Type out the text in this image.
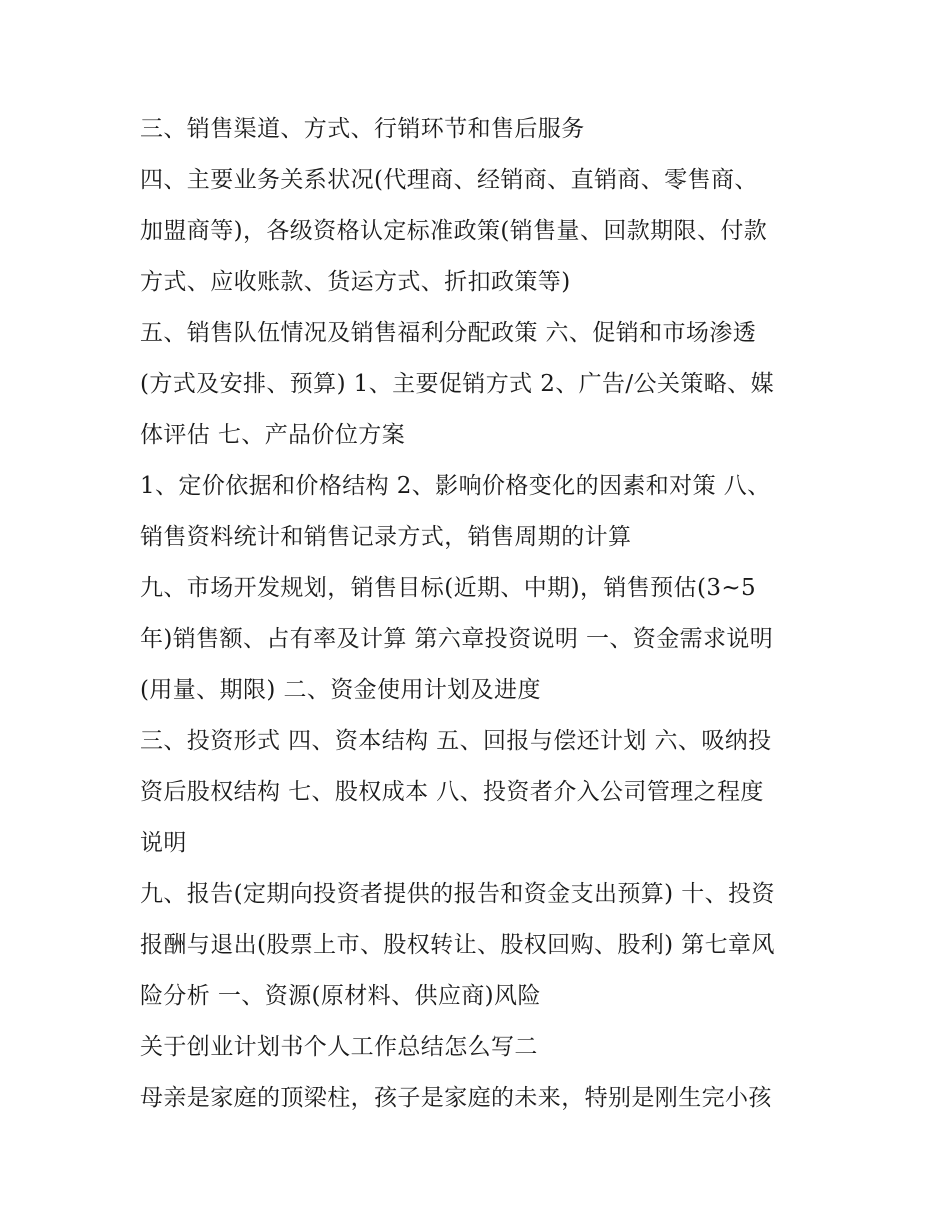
三、销售渠道、方式、行销环节和售后服务
四、主要业务关系状况(代理商、经销商、直销商、零售商、
加盟商等)，各级资格认定标准政策(销售量、回款期限、付款
方式、应收账款、货运方式、折扣政策等)
五、销售队伍情况及销售福利分配政策 六、促销和市场渗透
(方式及安排、预算) 1、主要促销方式 2、广告/公关策略、媒
体评估 七、产品价位方案
1、定价依据和价格结构 2、影响价格变化的因素和对策 八、
销售资料统计和销售记录方式，销售周期的计算
九、市场开发规划，销售目标(近期、中期)，销售预估(3~5
年)销售额、占有率及计算 第六章投资说明 一、资金需求说明
(用量、期限) 二、资金使用计划及进度
三、投资形式 四、资本结构 五、回报与偿还计划 六、吸纳投
资后股权结构 七、股权成本 八、投资者介入公司管理之程度
说明
九、报告(定期向投资者提供的报告和资金支出预算) 十、投资
报酬与退出(股票上市、股权转让、股权回购、股利) 第七章风
险分析 一、资源(原材料、供应商)风险
关于创业计划书个人工作总结怎么写二
母亲是家庭的顶梁柱，孩子是家庭的未来，特别是刚生完小孩
